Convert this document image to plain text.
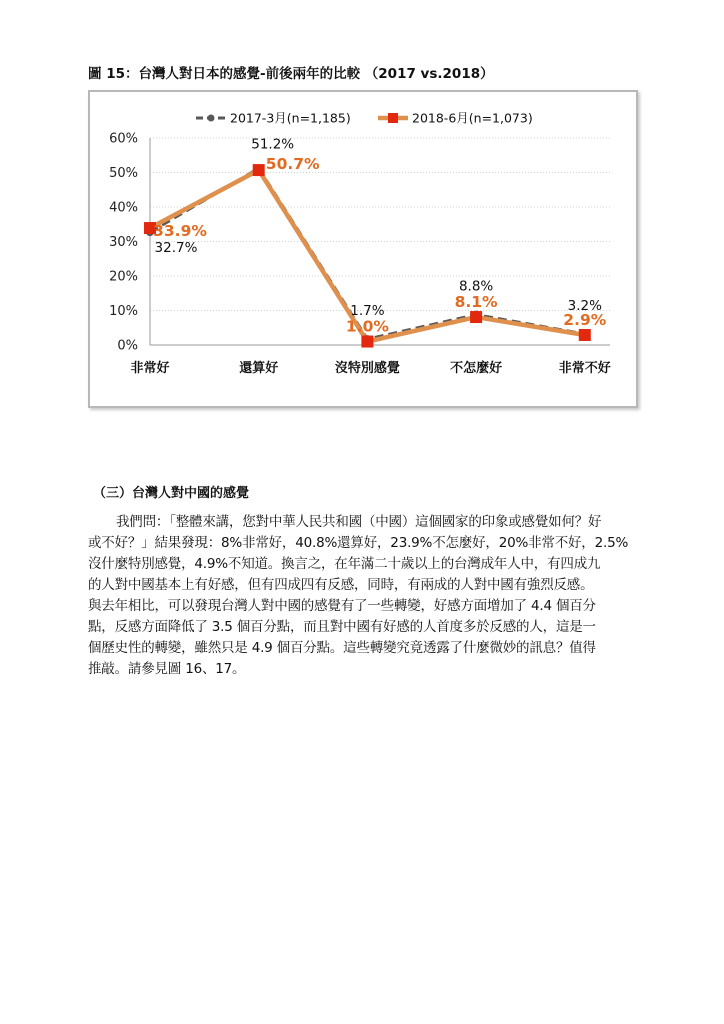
圖 15：台灣人對日本的感覺-前後兩年的比較 （2017 vs.2018）
0%
10%
20%
30%
40%
50%
60%
非常好	還算好	沒特別感覺	不怎麼好	非常不好
32.7%
51.2%
1.7%
8.8%
3.2%
33.9%
50.7%
1.0%
8.1%
2.9%
2017-3月(n=1,185)	2018-6月(n=1,073)
（三）台灣人對中國的感覺

我們問：「整體來講，您對中華人民共和國（中國）這個國家的印象或感覺如何？好
或不好？」結果發現：8%非常好，40.8%還算好，23.9%不怎麼好，20%非常不好，2.5%
沒什麼特別感覺，4.9%不知道。換言之，在年滿二十歲以上的台灣成年人中，有四成九
的人對中國基本上有好感，但有四成四有反感，同時，有兩成的人對中國有強烈反感。
與去年相比，可以發現台灣人對中國的感覺有了一些轉變，好感方面增加了 4.4 個百分
點，反感方面降低了 3.5 個百分點，而且對中國有好感的人首度多於反感的人，這是一
個歷史性的轉變，雖然只是 4.9 個百分點。這些轉變究竟透露了什麼微妙的訊息？值得
推敲。請參見圖 16、17。
